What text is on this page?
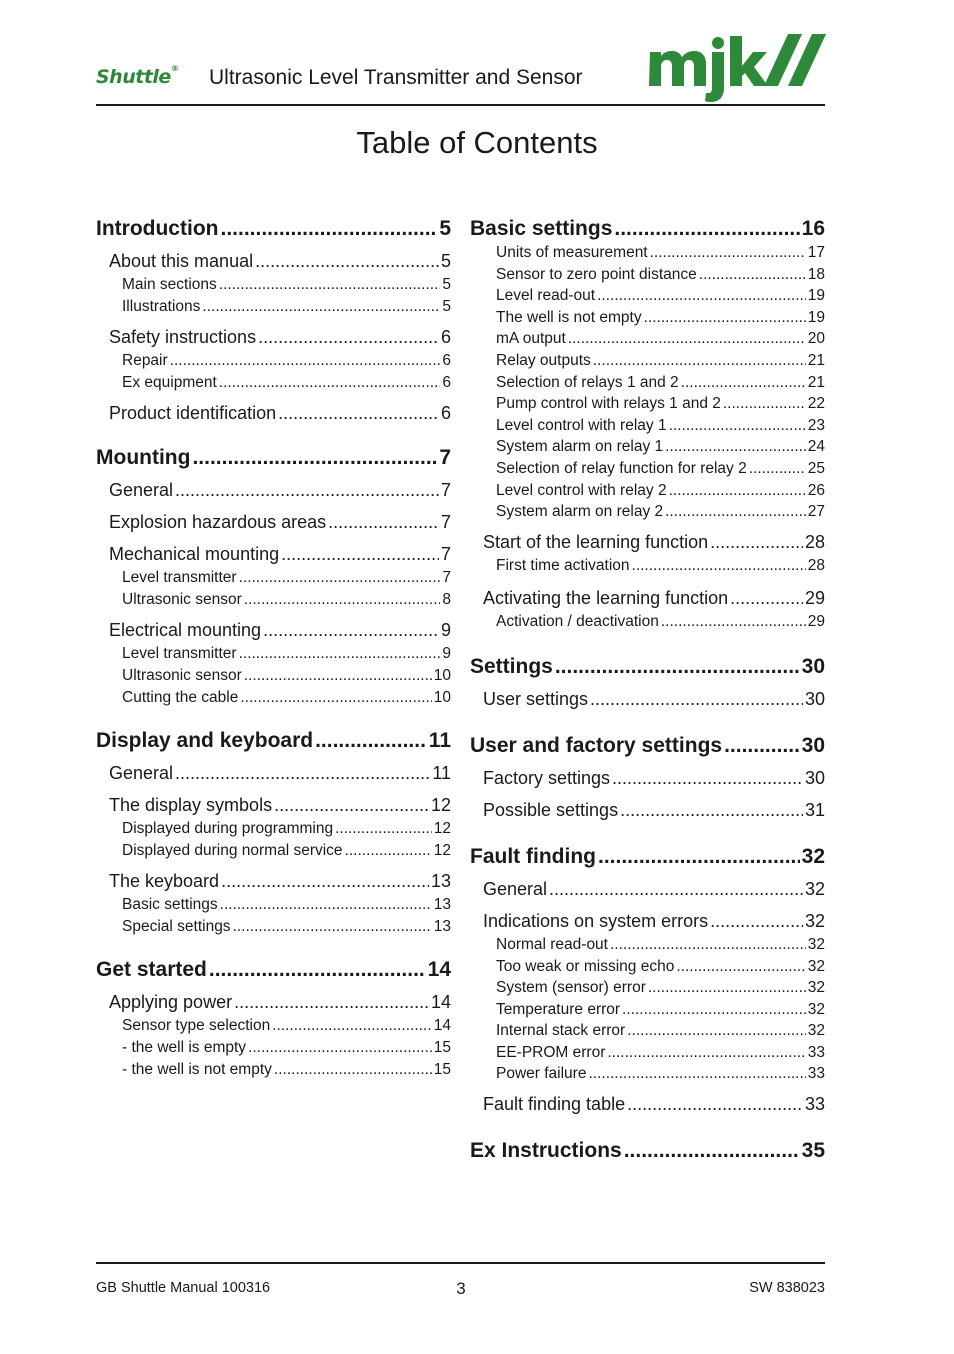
Shuttle® Ultrasonic Level Transmitter and Sensor
Table of Contents
Introduction .....	5
About this manual .....	5
Main sections .....	5
Illustrations .....	5
Safety instructions .....	6
Repair .....	6
Ex equipment .....	6
Product identification .....	6
Mounting .....	7
General .....	7
Explosion hazardous areas .....	7
Mechanical mounting .....	7
Level transmitter .....	7
Ultrasonic sensor .....	8
Electrical mounting .....	9
Level transmitter .....	9
Ultrasonic sensor .....	10
Cutting the cable .....	10
Display and keyboard .....	11
General .....	11
The display symbols .....	12
Displayed during programming .....	12
Displayed during normal service .....	12
The keyboard .....	13
Basic settings .....	13
Special settings .....	13
Get started .....	14
Applying power .....	14
Sensor type selection .....	14
- the well is empty .....	15
- the well is not empty .....	15
Basic settings .....	16
Units of measurement .....	17
Sensor to zero point distance .....	18
Level read-out .....	19
The well is not empty .....	19
mA output .....	20
Relay outputs .....	21
Selection of relays 1 and 2 .....	21
Pump control with relays 1 and 2 .....	22
Level control with relay 1 .....	23
System alarm on relay 1 .....	24
Selection of relay function for relay 2 .....	25
Level control with relay 2 .....	26
System alarm on relay 2 .....	27
Start of the learning function .....	28
First time activation .....	28
Activating the learning function .....	29
Activation / deactivation .....	29
Settings .....	30
User settings .....	30
User and factory settings .....	30
Factory settings .....	30
Possible settings .....	31
Fault finding .....	32
General .....	32
Indications on system errors .....	32
Normal read-out .....	32
Too weak or missing echo .....	32
System (sensor) error .....	32
Temperature error .....	32
Internal stack error .....	32
EE-PROM error .....	33
Power failure .....	33
Fault finding table .....	33
Ex Instructions .....	35
GB Shuttle Manual 100316	3	SW 838023
